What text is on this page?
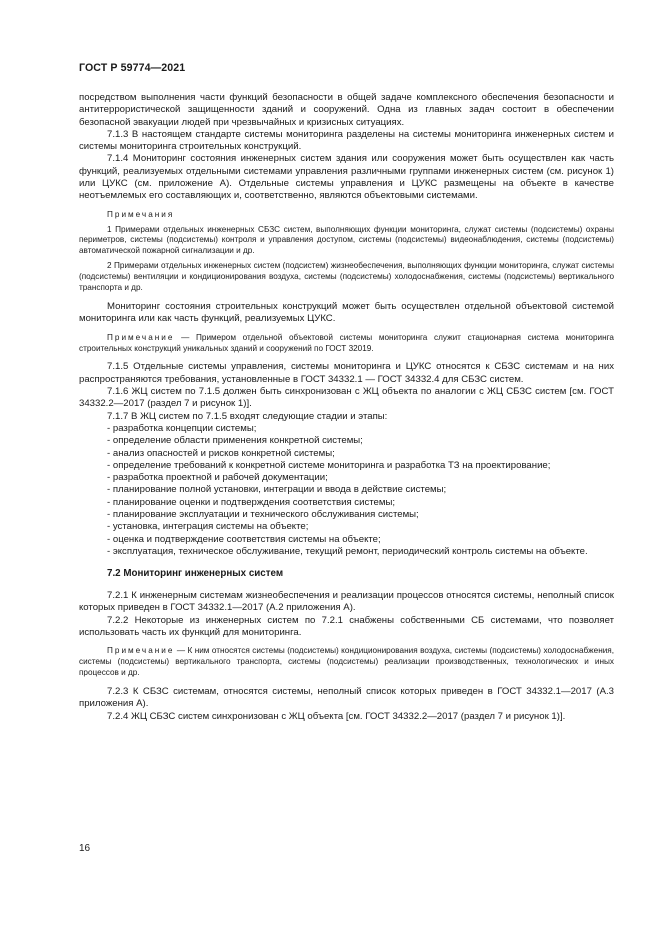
ГОСТ Р 59774—2021

посредством выполнения части функций безопасности в общей задаче комплексного обеспечения безопасности и антитеррористической защищенности зданий и сооружений. Одна из главных задач состоит в обеспечении безопасной эвакуации людей при чрезвычайных и кризисных ситуациях.

7.1.3 В настоящем стандарте системы мониторинга разделены на системы мониторинга инженерных систем и системы мониторинга строительных конструкций.

7.1.4 Мониторинг состояния инженерных систем здания или сооружения может быть осуществлен как часть функций, реализуемых отдельными системами управления различными группами инженерных систем (см. рисунок 1) или ЦУКС (см. приложение А). Отдельные системы управления и ЦУКС размещены на объекте в качестве неотъемлемых его составляющих и, соответственно, являются объектовыми системами.

Примечания

1 Примерами отдельных инженерных СБЗС систем, выполняющих функции мониторинга, служат системы (подсистемы) охраны периметров, системы (подсистемы) контроля и управления доступом, системы (подсистемы) видеонаблюдения, системы (подсистемы) автоматической пожарной сигнализации и др.

2 Примерами отдельных инженерных систем (подсистем) жизнеобеспечения, выполняющих функции мониторинга, служат системы (подсистемы) вентиляции и кондиционирования воздуха, системы (подсистемы) холодоснабжения, системы (подсистемы) вертикального транспорта и др.

Мониторинг состояния строительных конструкций может быть осуществлен отдельной объектовой системой мониторинга или как часть функций, реализуемых ЦУКС.

Примечание — Примером отдельной объектовой системы мониторинга служит стационарная система мониторинга строительных конструкций уникальных зданий и сооружений по ГОСТ 32019.

7.1.5 Отдельные системы управления, системы мониторинга и ЦУКС относятся к СБЗС системам и на них распространяются требования, установленные в ГОСТ 34332.1 — ГОСТ 34332.4 для СБЗС систем.

7.1.6 ЖЦ систем по 7.1.5 должен быть синхронизован с ЖЦ объекта по аналогии с ЖЦ СБЗС систем [см. ГОСТ 34332.2—2017 (раздел 7 и рисунок 1)].

7.1.7 В ЖЦ систем по 7.1.5 входят следующие стадии и этапы:

- разработка концепции системы;

- определение области применения конкретной системы;

- анализ опасностей и рисков конкретной системы;

- определение требований к конкретной системе мониторинга и разработка ТЗ на проектирование;

- разработка проектной и рабочей документации;

- планирование полной установки, интеграции и ввода в действие системы;

- планирование оценки и подтверждения соответствия системы;

- планирование эксплуатации и технического обслуживания системы;

- установка, интеграция системы на объекте;

- оценка и подтверждение соответствия системы на объекте;

- эксплуатация, техническое обслуживание, текущий ремонт, периодический контроль системы на объекте.

7.2 Мониторинг инженерных систем

7.2.1 К инженерным системам жизнеобеспечения и реализации процессов относятся системы, неполный список которых приведен в ГОСТ 34332.1—2017 (А.2 приложения А).

7.2.2 Некоторые из инженерных систем по 7.2.1 снабжены собственными СБ системами, что позволяет использовать часть их функций для мониторинга.

Примечание — К ним относятся системы (подсистемы) кондиционирования воздуха, системы (подсистемы) холодоснабжения, системы (подсистемы) вертикального транспорта, системы (подсистемы) реализации производственных, технологических и иных процессов и др.

7.2.3 К СБЗС системам, относятся системы, неполный список которых приведен в ГОСТ 34332.1—2017 (А.3 приложения А).

7.2.4 ЖЦ СБЗС систем синхронизован с ЖЦ объекта [см. ГОСТ 34332.2—2017 (раздел 7 и рисунок 1)].

16
